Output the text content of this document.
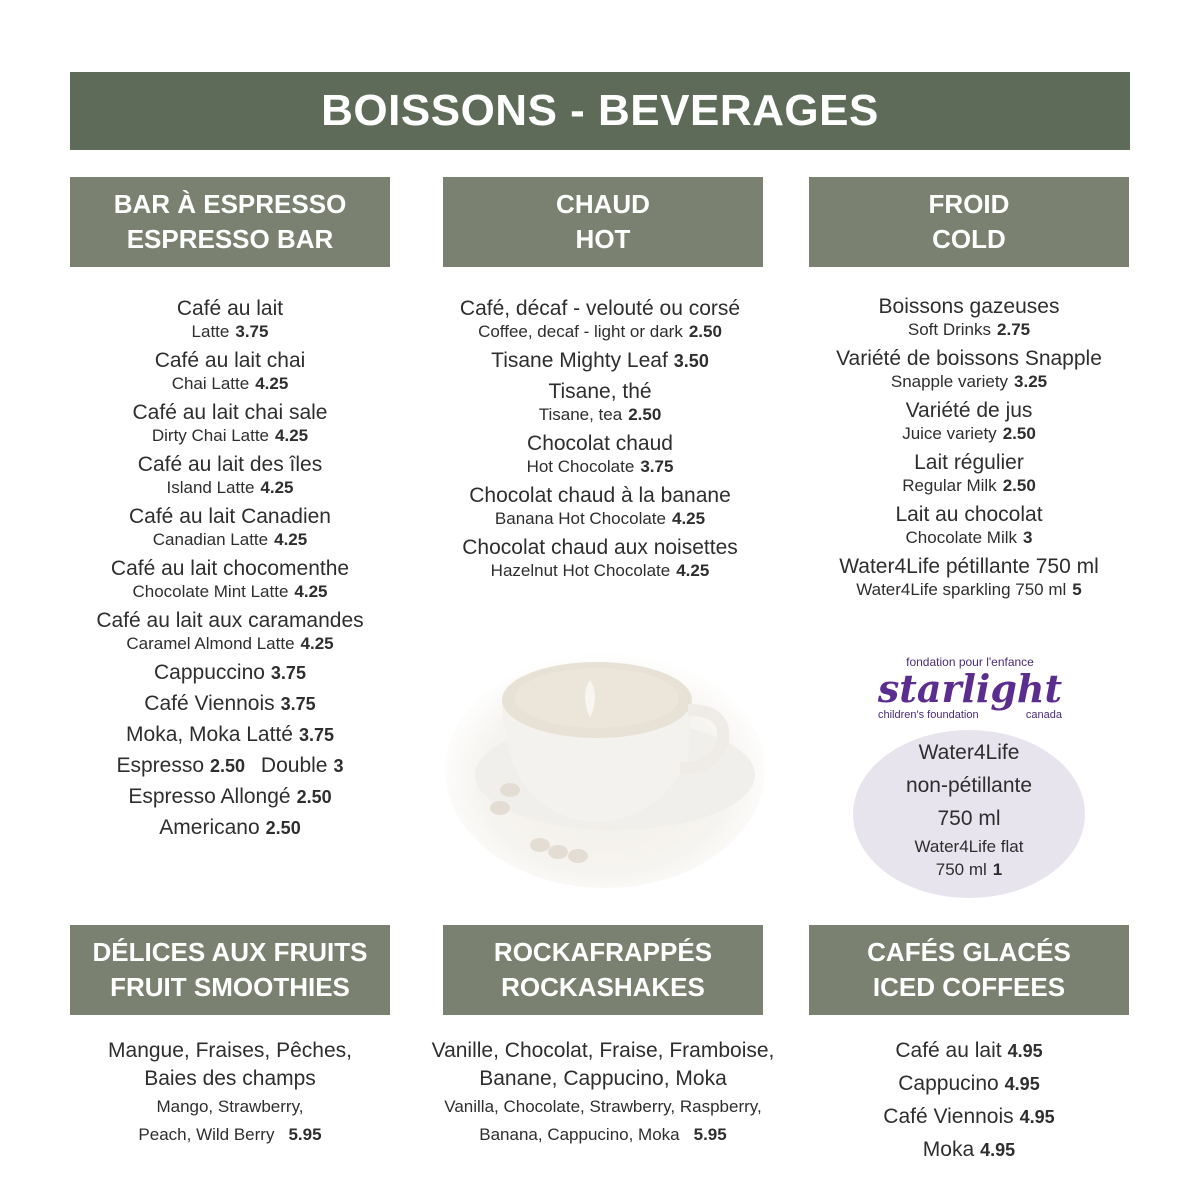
BOISSONS - BEVERAGES
BAR À ESPRESSO
ESPRESSO BAR
CHAUD
HOT
FROID
COLD
Café au lait
Latte 3.75
Café au lait chai
Chai Latte 4.25
Café au lait chai sale
Dirty Chai Latte 4.25
Café au lait des îles
Island Latte 4.25
Café au lait Canadien
Canadian Latte 4.25
Café au lait chocomenthe
Chocolate Mint Latte 4.25
Café au lait aux caramandes
Caramel Almond Latte 4.25
Cappuccino 3.75
Café Viennois 3.75
Moka, Moka Latté 3.75
Espresso 2.50 Double 3
Espresso Allongé 2.50
Americano 2.50
Café, décaf - velouté ou corsé
Coffee, decaf - light or dark 2.50
Tisane Mighty Leaf 3.50
Tisane, thé
Tisane, tea 2.50
Chocolat chaud
Hot Chocolate 3.75
Chocolat chaud à la banane
Banana Hot Chocolate 4.25
Chocolat chaud aux noisettes
Hazelnut Hot Chocolate 4.25
Boissons gazeuses
Soft Drinks 2.75
Variété de boissons Snapple
Snapple variety 3.25
Variété de jus
Juice variety 2.50
Lait régulier
Regular Milk 2.50
Lait au chocolat
Chocolate Milk 3
Water4Life pétillante 750 ml
Water4Life sparkling 750 ml 5
fondation pour l'enfance
starlight
children's foundation	canada
Water4Life
non-pétillante
750 ml
Water4Life flat
750 ml 1
DÉLICES AUX FRUITS
FRUIT SMOOTHIES
ROCKAFRAPPÉS
ROCKASHAKES
CAFÉS GLACÉS
ICED COFFEES
Mangue, Fraises, Pêches,
Baies des champs
Mango, Strawberry,
Peach, Wild Berry 5.95
Vanille, Chocolat, Fraise, Framboise,
Banane, Cappucino, Moka
Vanilla, Chocolate, Strawberry, Raspberry,
Banana, Cappucino, Moka 5.95
Café au lait 4.95
Cappucino 4.95
Café Viennois 4.95
Moka 4.95
